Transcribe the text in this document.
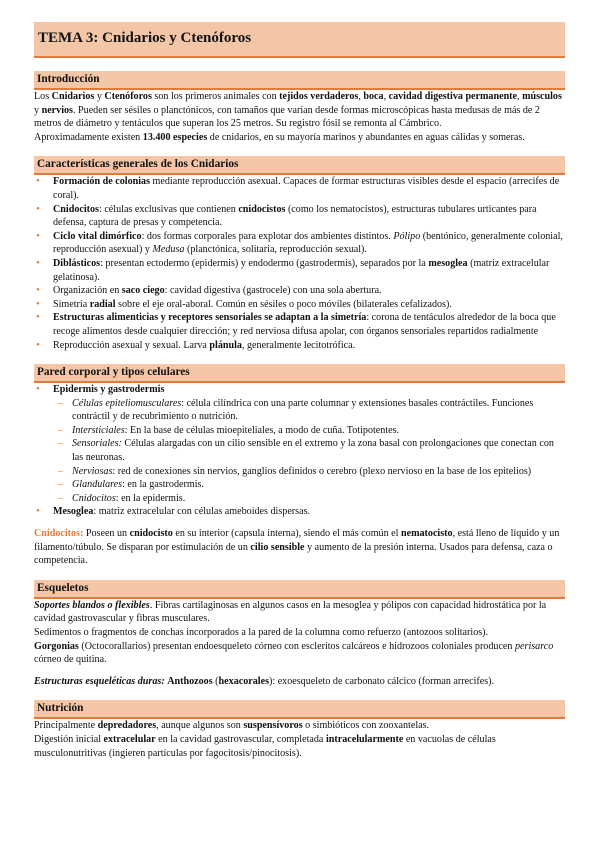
TEMA 3: Cnidarios y Ctenóforos
Introducción

Los Cnidarios y Ctenóforos son los primeros animales con tejidos verdaderos, boca, cavidad digestiva permanente, músculos y nervios. Pueden ser sésiles o planctónicos, con tamaños que varían desde formas microscópicas hasta medusas de más de 2 metros de diámetro y tentáculos que superan los 25 metros. Su registro fósil se remonta al Cámbrico.

Aproximadamente existen 13.400 especies de cnidarios, en su mayoría marinos y abundantes en aguas cálidas y someras.

Características generales de los Cnidarios
• Formación de colonias mediante reproducción asexual. Capaces de formar estructuras visibles desde el espacio (arrecifes de coral).
• Cnidocitos: células exclusivas que contienen cnidocistos (como los nematocistos), estructuras tubulares urticantes para defensa, captura de presas y competencia.
• Ciclo vital dimórfico: dos formas corporales para explotar dos ambientes distintos. Pólipo (bentónico, generalmente colonial, reproducción asexual) y Medusa (planctónica, solitaria, reproducción sexual).
• Diblásticos: presentan ectodermo (epidermis) y endodermo (gastrodermis), separados por la mesoglea (matriz extracelular gelatinosa).
• Organización en saco ciego: cavidad digestiva (gastrocele) con una sola abertura.
• Simetría radial sobre el eje oral-aboral. Común en sésiles o poco móviles (bilaterales cefalizados).
• Estructuras alimenticias y receptores sensoriales se adaptan a la simetría: corona de tentáculos alrededor de la boca que recoge alimentos desde cualquier dirección; y red nerviosa difusa apolar, con órganos sensoriales repartidos radialmente
• Reproducción asexual y sexual. Larva plánula, generalmente lecitotrófica.
Pared corporal y tipos celulares
• Epidermis y gastrodermis
– Células epiteliomusculares: célula cilíndrica con una parte columnar y extensiones basales contráctiles. Funciones contráctil y de recubrimiento o nutrición.
– Intersticiales: En la base de células mioepiteliales, a modo de cuña. Totipotentes.
– Sensoriales: Células alargadas con un cilio sensible en el extremo y la zona basal con prolongaciones que conectan con las neuronas.
– Nerviosas: red de conexiones sin nervios, ganglios definidos o cerebro (plexo nervioso en la base de los epitelios)
– Glandulares: en la gastrodermis.
– Cnidocitos: en la epidermis.
• Mesoglea: matriz extracelular con células ameboides dispersas.

Cnidocitos: Poseen un cnidocisto en su interior (capsula interna), siendo el más común el nematocisto, está lleno de líquido y un filamento/túbulo. Se disparan por estimulación de un cilio sensible y aumento de la presión interna. Usados para defensa, caza o competencia.

Esqueletos

Soportes blandos o flexibles. Fibras cartilaginosas en algunos casos en la mesoglea y pólipos con capacidad hidrostática por la cavidad gastrovascular y fibras musculares.

Sedimentos o fragmentos de conchas incorporados a la pared de la columna como refuerzo (antozoos solitarios).

Gorgonias (Octocorallarios) presentan endoesqueleto córneo con escleritos calcáreos e hidrozoos coloniales producen perisarco córneo de quitina.

Estructuras esqueléticas duras: Anthozoos (hexacorales): exoesqueleto de carbonato cálcico (forman arrecifes).

Nutrición

Principalmente depredadores, aunque algunos son suspensívoros o simbióticos con zooxantelas.

Digestión inicial extracelular en la cavidad gastrovascular, completada intracelularmente en vacuolas de células musculonutritivas (ingieren partículas por fagocitosis/pinocitosis).
